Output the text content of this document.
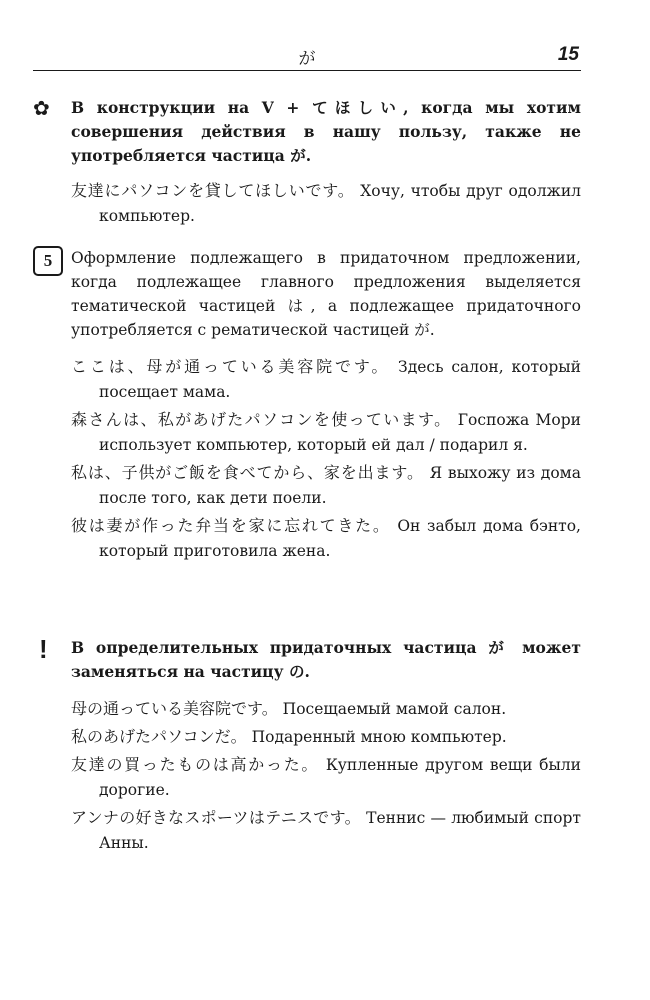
が	15
✿ В конструкции на V + てほしい, когда мы хотим совершения действия в нашу пользу, также не употребляется частица が.
友達にパソコンを貸してほしいです。 Хочу, чтобы друг одолжил компьютер.
5	Оформление подлежащего в придаточном предложении, когда подлежащее главного предложения выделяется тематической частицей は, а подлежащее придаточного употребляется с рематической частицей が.
ここは、母が通っている美容院です。 Здесь салон, который посещает мама.
森さんは、私があげたパソコンを使っています。 Госпожа Мори использует компьютер, который ей дал / подарил я.
私は、子供がご飯を食べてから、家を出ます。 Я выхожу из дома после того, как дети поели.
彼は妻が作った弁当を家に忘れてきた。 Он забыл дома бэнто, который приготовила жена.
! В определительных придаточных частица が может заменяться на частицу の.
母の通っている美容院です。 Посещаемый мамой салон.
私のあげたパソコンだ。 Подаренный мною компьютер.
友達の買ったものは高かった。 Купленные другом вещи были дорогие.
アンナの好きなスポーツはテニスです。 Теннис — любимый спорт Анны.
